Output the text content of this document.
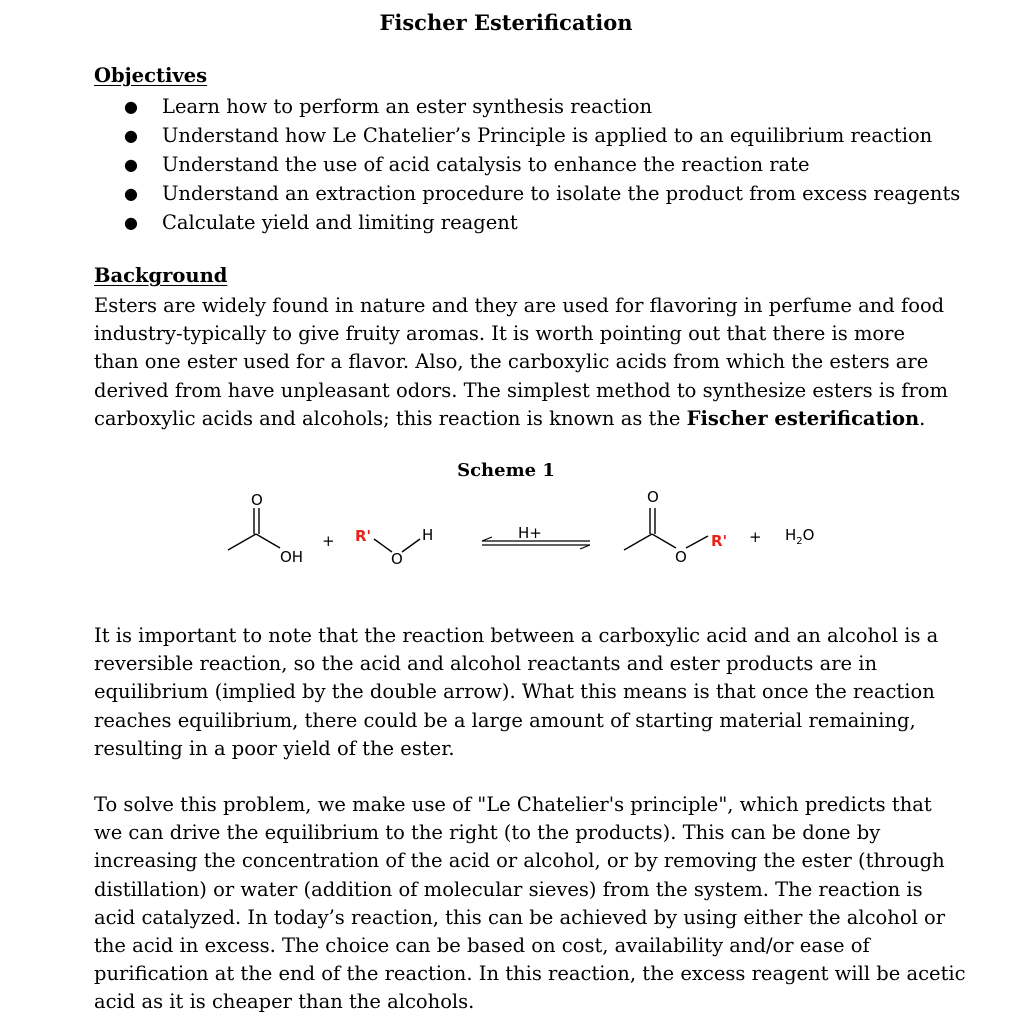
Fischer Esterification
Objectives
● Learn how to perform an ester synthesis reaction
● Understand how Le Chatelier’s Principle is applied to an equilibrium reaction
● Understand the use of acid catalysis to enhance the reaction rate
● Understand an extraction procedure to isolate the product from excess reagents
● Calculate yield and limiting reagent
Background
Esters are widely found in nature and they are used for flavoring in perfume and food
industry-typically to give fruity aromas. It is worth pointing out that there is more
than one ester used for a flavor. Also, the carboxylic acids from which the esters are
derived from have unpleasant odors. The simplest method to synthesize esters is from
carboxylic acids and alcohols; this reaction is known as the Fischer esterification.
Scheme 1
O
OH
+ R'
O
H	H+
O
O
$R' + H_2O$
It is important to note that the reaction between a carboxylic acid and an alcohol is a
reversible reaction, so the acid and alcohol reactants and ester products are in
equilibrium (implied by the double arrow). What this means is that once the reaction
reaches equilibrium, there could be a large amount of starting material remaining,
resulting in a poor yield of the ester.
To solve this problem, we make use of "Le Chatelier's principle", which predicts that
we can drive the equilibrium to the right (to the products). This can be done by
increasing the concentration of the acid or alcohol, or by removing the ester (through
distillation) or water (addition of molecular sieves) from the system. The reaction is
acid catalyzed. In today’s reaction, this can be achieved by using either the alcohol or
the acid in excess. The choice can be based on cost, availability and/or ease of
purification at the end of the reaction. In this reaction, the excess reagent will be acetic
acid as it is cheaper than the alcohols.
